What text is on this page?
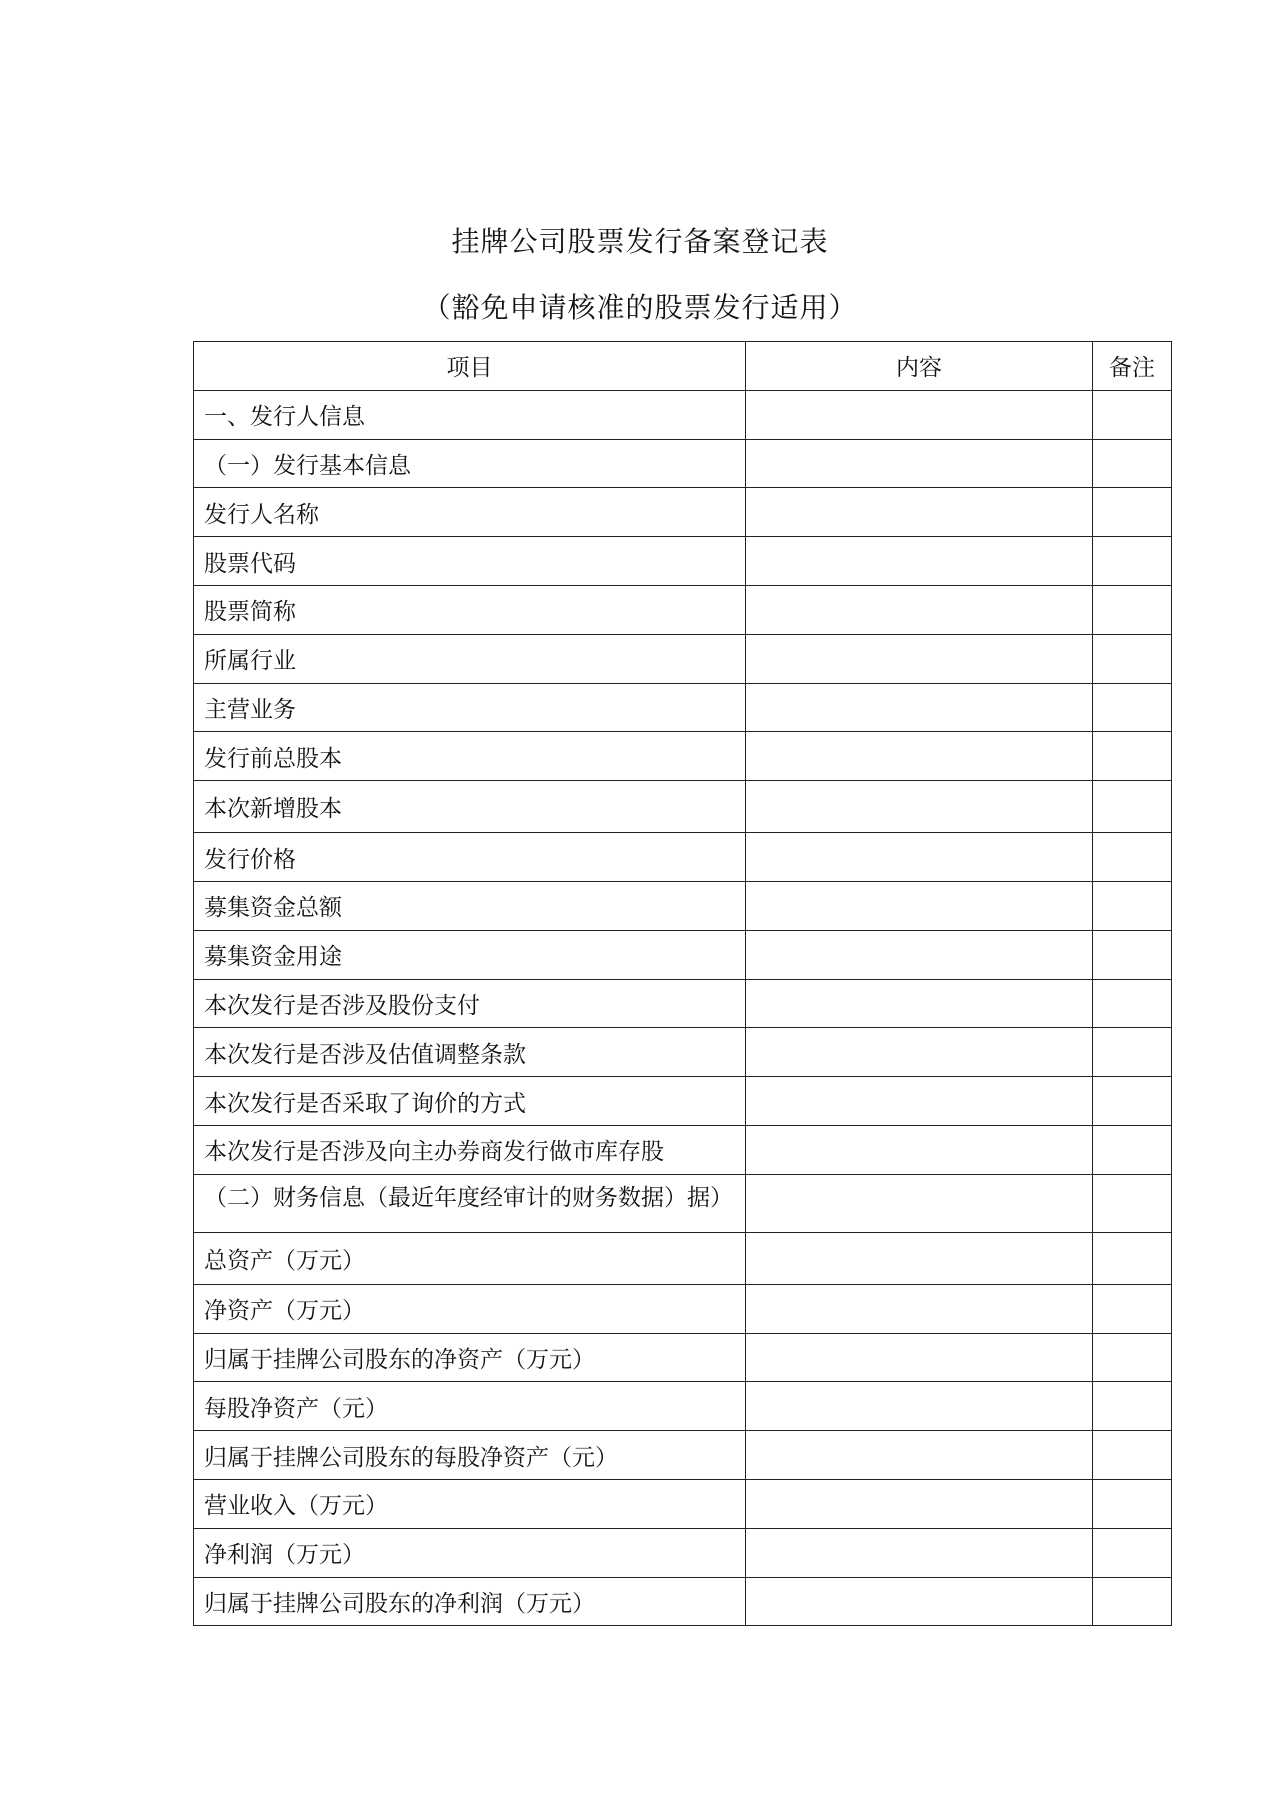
挂牌公司股票发行备案登记表
（豁免申请核准的股票发行适用）
项目	内容	备注
一、发行人信息		
（一）发行基本信息		
发行人名称		
股票代码		
股票简称		
所属行业		
主营业务		
发行前总股本		
本次新增股本		
发行价格		
募集资金总额		
募集资金用途		
本次发行是否涉及股份支付		
本次发行是否涉及估值调整条款		
本次发行是否采取了询价的方式		
本次发行是否涉及向主办券商发行做市库存股		
（二）财务信息（最近年度经审计的财务数据）据）		
总资产（万元）		
净资产（万元）		
归属于挂牌公司股东的净资产（万元）		
每股净资产（元）		
归属于挂牌公司股东的每股净资产（元）		
营业收入（万元）		
净利润（万元）		
归属于挂牌公司股东的净利润（万元）		
